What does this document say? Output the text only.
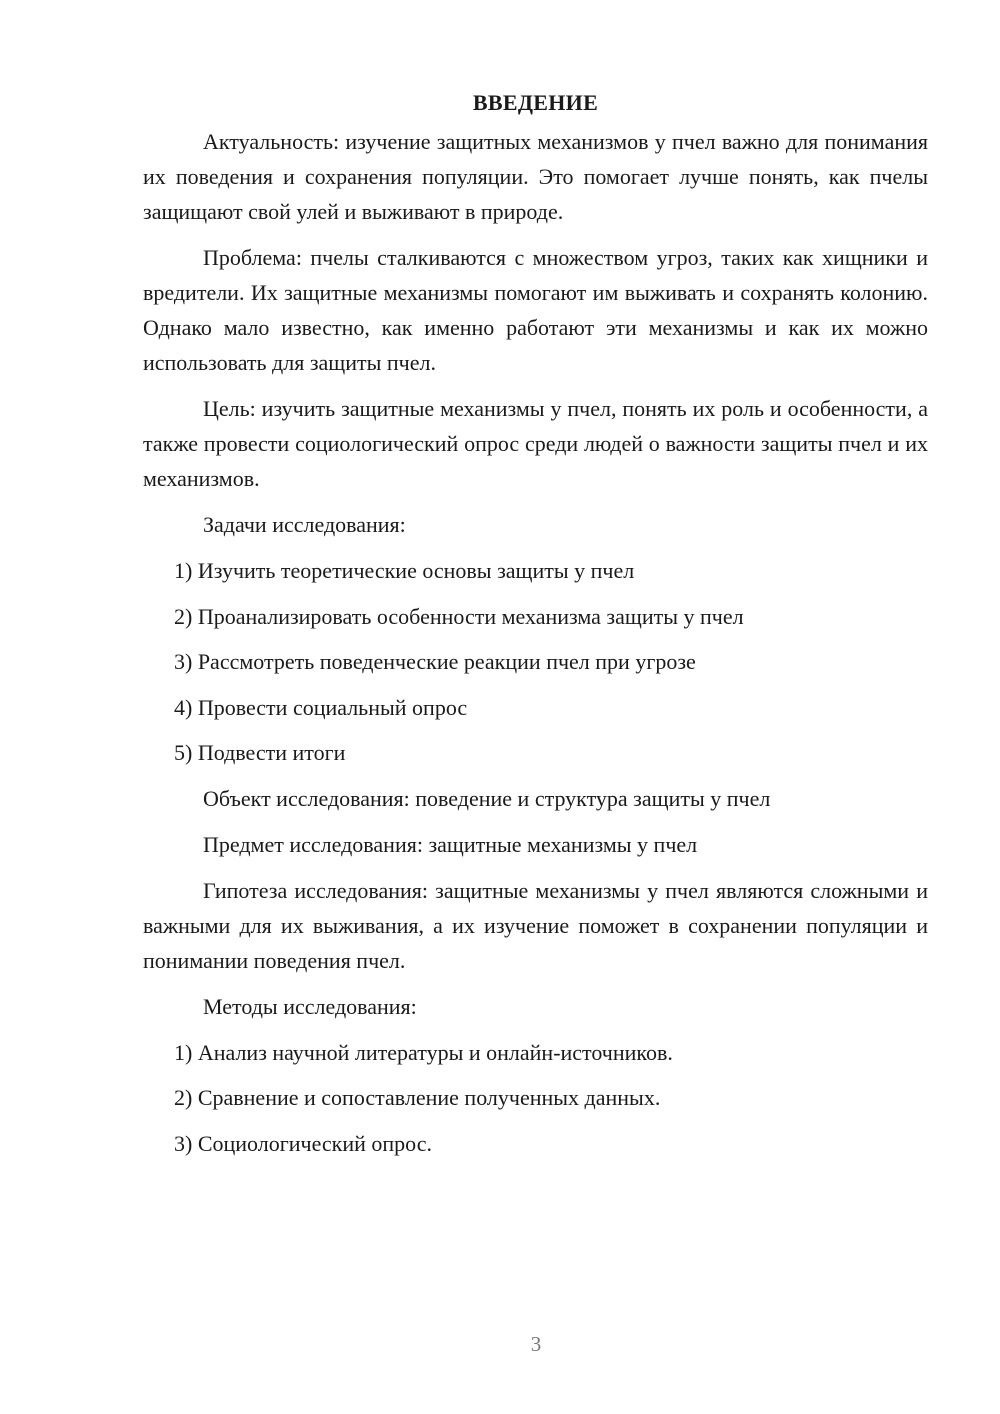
ВВЕДЕНИЕ

Актуальность: изучение защитных механизмов у пчел важно для понимания их поведения и сохранения популяции. Это помогает лучше понять, как пчелы защищают свой улей и выживают в природе.

Проблема: пчелы сталкиваются с множеством угроз, таких как хищники и вредители. Их защитные механизмы помогают им выживать и сохранять колонию. Однако мало известно, как именно работают эти механизмы и как их можно использовать для защиты пчел.

Цель: изучить защитные механизмы у пчел, понять их роль и особенности, а также провести социологический опрос среди людей о важности защиты пчел и их механизмов.

Задачи исследования:

1) Изучить теоретические основы защиты у пчел
2) Проанализировать особенности механизма защиты у пчел
3) Рассмотреть поведенческие реакции пчел при угрозе
4) Провести социальный опрос
5) Подвести итоги

Объект исследования: поведение и структура защиты у пчел

Предмет исследования: защитные механизмы у пчел

Гипотеза исследования: защитные механизмы у пчел являются сложными и важными для их выживания, а их изучение поможет в сохранении популяции и понимании поведения пчел.

Методы исследования:

1) Анализ научной литературы и онлайн-источников.
2) Сравнение и сопоставление полученных данных.
3) Социологический опрос.
3
